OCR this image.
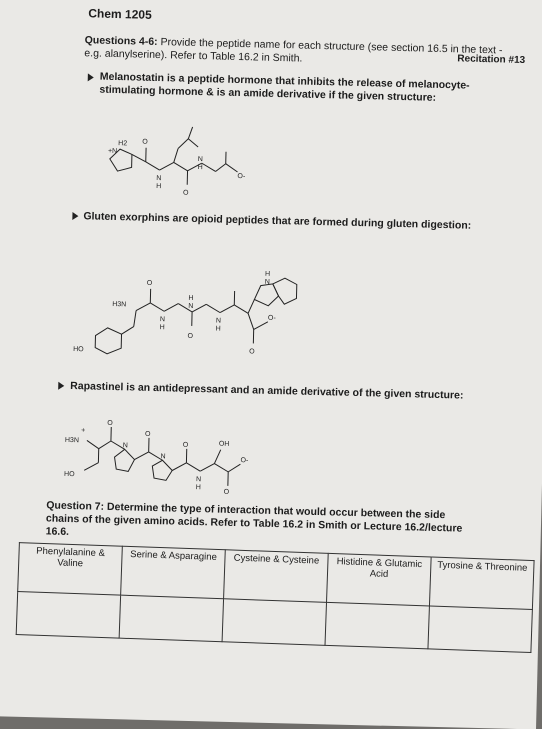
Chem 1205
Recitation #13
Questions 4-6: Provide the peptide name for each structure (see section 16.5 in the text -e.g. alanylserine). Refer to Table 16.2 in Smith.
Melanostatin is a peptide hormone that inhibits the release of melanocyte-stimulating hormone & is an amide derivative if the given structure:
H2
+N
O
N
H
O
N
H
O-
Gluten exorphins are opioid peptides that are formed during gluten digestion:
HO
H3N
O
N
H
H
N
O
N
H
H
N
O-
O
Rapastinel is an antidepressant and an amide derivative of the given structure:
H3N
+
O
N
O
N
O	OH
O-
N
H
O
HO
Question 7: Determine the type of interaction that would occur between the side chains of the given amino acids. Refer to Table 16.2 in Smith or Lecture 16.2/lecture 16.6.
Phenylalanine & Valine	Serine & Asparagine	Cysteine & Cysteine	Histidine & Glutamic Acid	Tyrosine & Threonine
